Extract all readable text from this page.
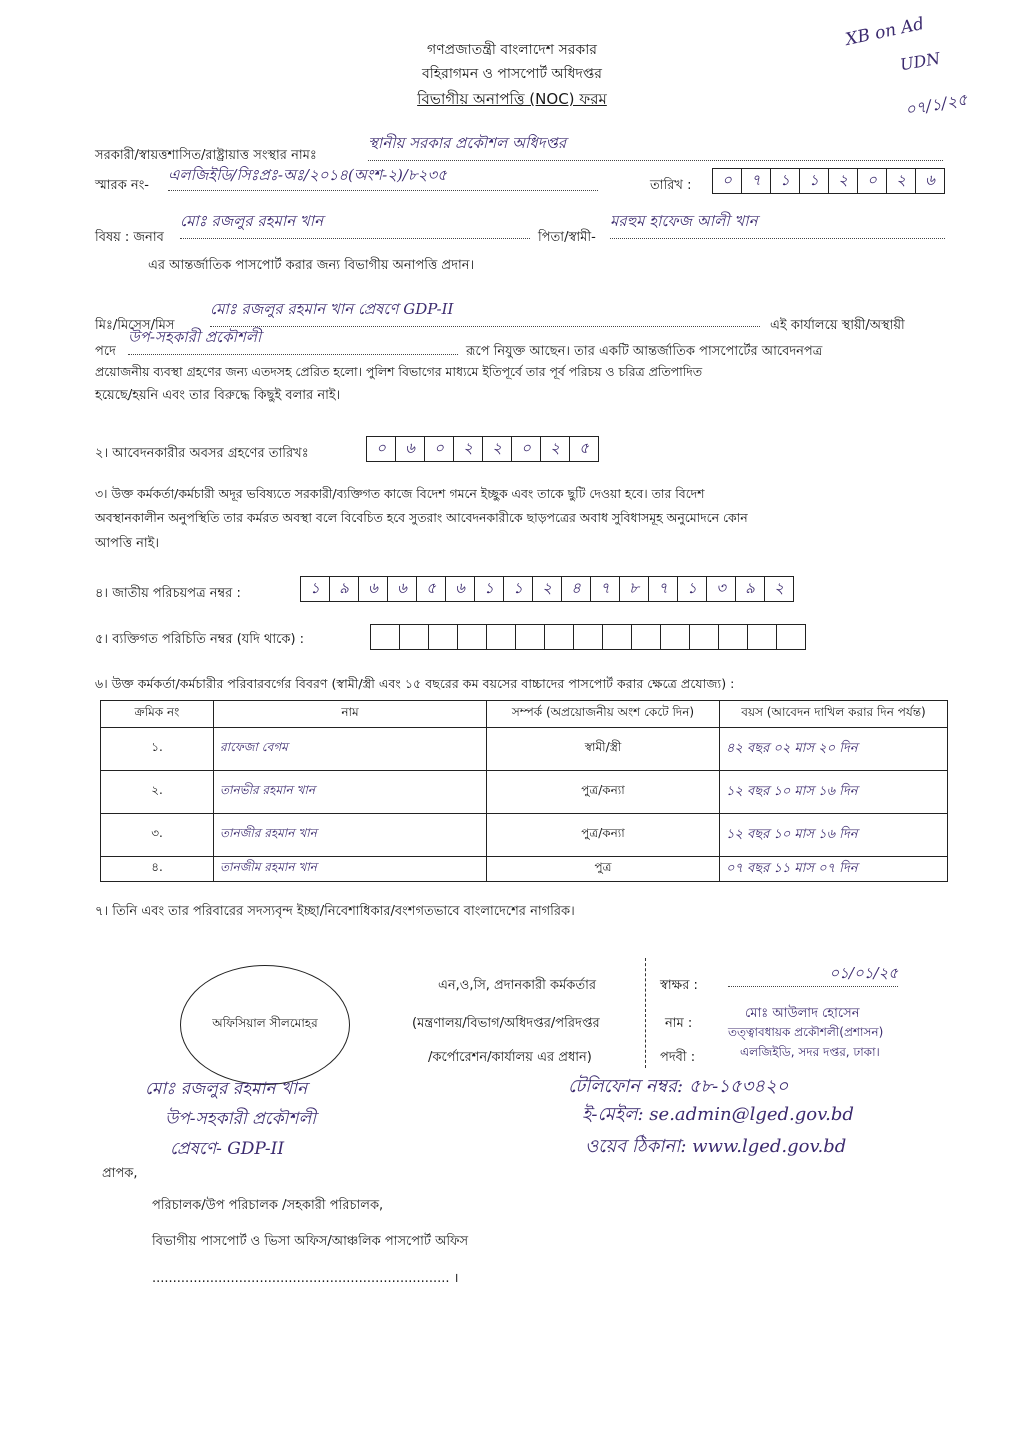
গণপ্রজাতন্ত্রী বাংলাদেশ সরকার
বহিরাগমন ও পাসপোর্ট অধিদপ্তর
বিভাগীয় অনাপত্তি (NOC) ফরম
XB on Ad
UDN
০৭/১/২৫
সরকারী/স্বায়ত্তশাসিত/রাষ্ট্রায়াত্ত সংস্থার নামঃ
স্থানীয় সরকার প্রকৌশল অধিদপ্তর
স্মারক নং-
এলজিইডি/সিঃপ্রঃ-অঃ/২০১৪(অংশ-২)/৮২৩৫
তারিখ :	০	৭	১	১	২	০	২	৬
বিষয় : জনাব
মোঃ রজলুর রহমান খান
পিতা/স্বামী-
মরহুম হাফেজ আলী খান
এর আন্তর্জাতিক পাসপোর্ট করার জন্য বিভাগীয় অনাপত্তি প্রদান।
মিঃ/মিসেস/মিস
মোঃ রজলুর রহমান খান প্রেষণে GDP-II
এই কার্যালয়ে স্থায়ী/অস্থায়ী
পদে
উপ-সহকারী প্রকৌশলী
রূপে নিযুক্ত আছেন। তার একটি আন্তর্জাতিক পাসপোর্টের আবেদনপত্র
প্রয়োজনীয় ব্যবস্থা গ্রহণের জন্য এতদসহ প্রেরিত হলো। পুলিশ বিভাগের মাধ্যমে ইতিপূর্বে তার পূর্ব পরিচয় ও চরিত্র প্রতিপাদিত
হয়েছে/হয়নি এবং তার বিরুদ্ধে কিছুই বলার নাই।
২। আবেদনকারীর অবসর গ্রহণের তারিখঃ	০	৬	০	২	২	০	২	৫
৩। উক্ত কর্মকর্তা/কর্মচারী অদূর ভবিষ্যতে সরকারী/ব্যক্তিগত কাজে বিদেশ গমনে ইচ্ছুক এবং তাকে ছুটি দেওয়া হবে। তার বিদেশ
অবস্থানকালীন অনুপস্থিতি তার কর্মরত অবস্থা বলে বিবেচিত হবে সুতরাং আবেদনকারীকে ছাড়পত্রের অবাধ সুবিধাসমূহ অনুমোদনে কোন
আপত্তি নাই।
৪। জাতীয় পরিচয়পত্র নম্বর :	১	৯	৬	৬	৫	৬	১	১	২	৪	৭	৮	৭	১	৩	৯	২
৫। ব্যক্তিগত পরিচিতি নম্বর (যদি থাকে) :
৬। উক্ত কর্মকর্তা/কর্মচারীর পরিবারবর্গের বিবরণ (স্বামী/স্ত্রী এবং ১৫ বছরের কম বয়সের বাচ্চাদের পাসপোর্ট করার ক্ষেত্রে প্রযোজ্য) :
ক্রমিক নং	নাম	সম্পর্ক (অপ্রয়োজনীয় অংশ কেটে দিন)	বয়স (আবেদন দাখিল করার দিন পর্যন্ত)
১.	রাফেজা বেগম	স্বামী/স্ত্রী	৪২ বছর ০২ মাস ২০ দিন
২.	তানভীর রহমান খান	পুত্র/কন্যা	১২ বছর ১০ মাস ১৬ দিন
৩.	তানজীর রহমান খান	পুত্র/কন্যা	১২ বছর ১০ মাস ১৬ দিন
৪.	তানজীম রহমান খান	পুত্র	০৭ বছর ১১ মাস ০৭ দিন
৭। তিনি এবং তার পরিবারের সদস্যবৃন্দ ইচ্ছা/নিবেশাধিকার/বংশগতভাবে বাংলাদেশের নাগরিক।
অফিসিয়াল সীলমোহর
এন,ও,সি, প্রদানকারী কর্মকর্তার
(মন্ত্রণালয়/বিভাগ/অধিদপ্তর/পরিদপ্তর
/কর্পোরেশন/কার্যালয় এর প্রধান)
স্বাক্ষর :
০১/০১/২৫
নাম :
মোঃ আউলাদ হোসেন
তত্ত্বাবধায়ক প্রকৌশলী(প্রশাসন)
পদবী :	এলজিইডি, সদর দপ্তর, ঢাকা।
টেলিফোন নম্বর: ৫৮-১৫৩৪২০
ই-মেইল: se.admin@lged.gov.bd
ওয়েব ঠিকানা: www.lged.gov.bd
মোঃ রজলুর রহমান খান
উপ-সহকারী প্রকৌশলী
প্রেষণে- GDP-II
প্রাপক,
পরিচালক/উপ পরিচালক /সহকারী পরিচালক,
বিভাগীয় পাসপোর্ট ও ভিসা অফিস/আঞ্চলিক পাসপোর্ট অফিস
........................................................................ ।
